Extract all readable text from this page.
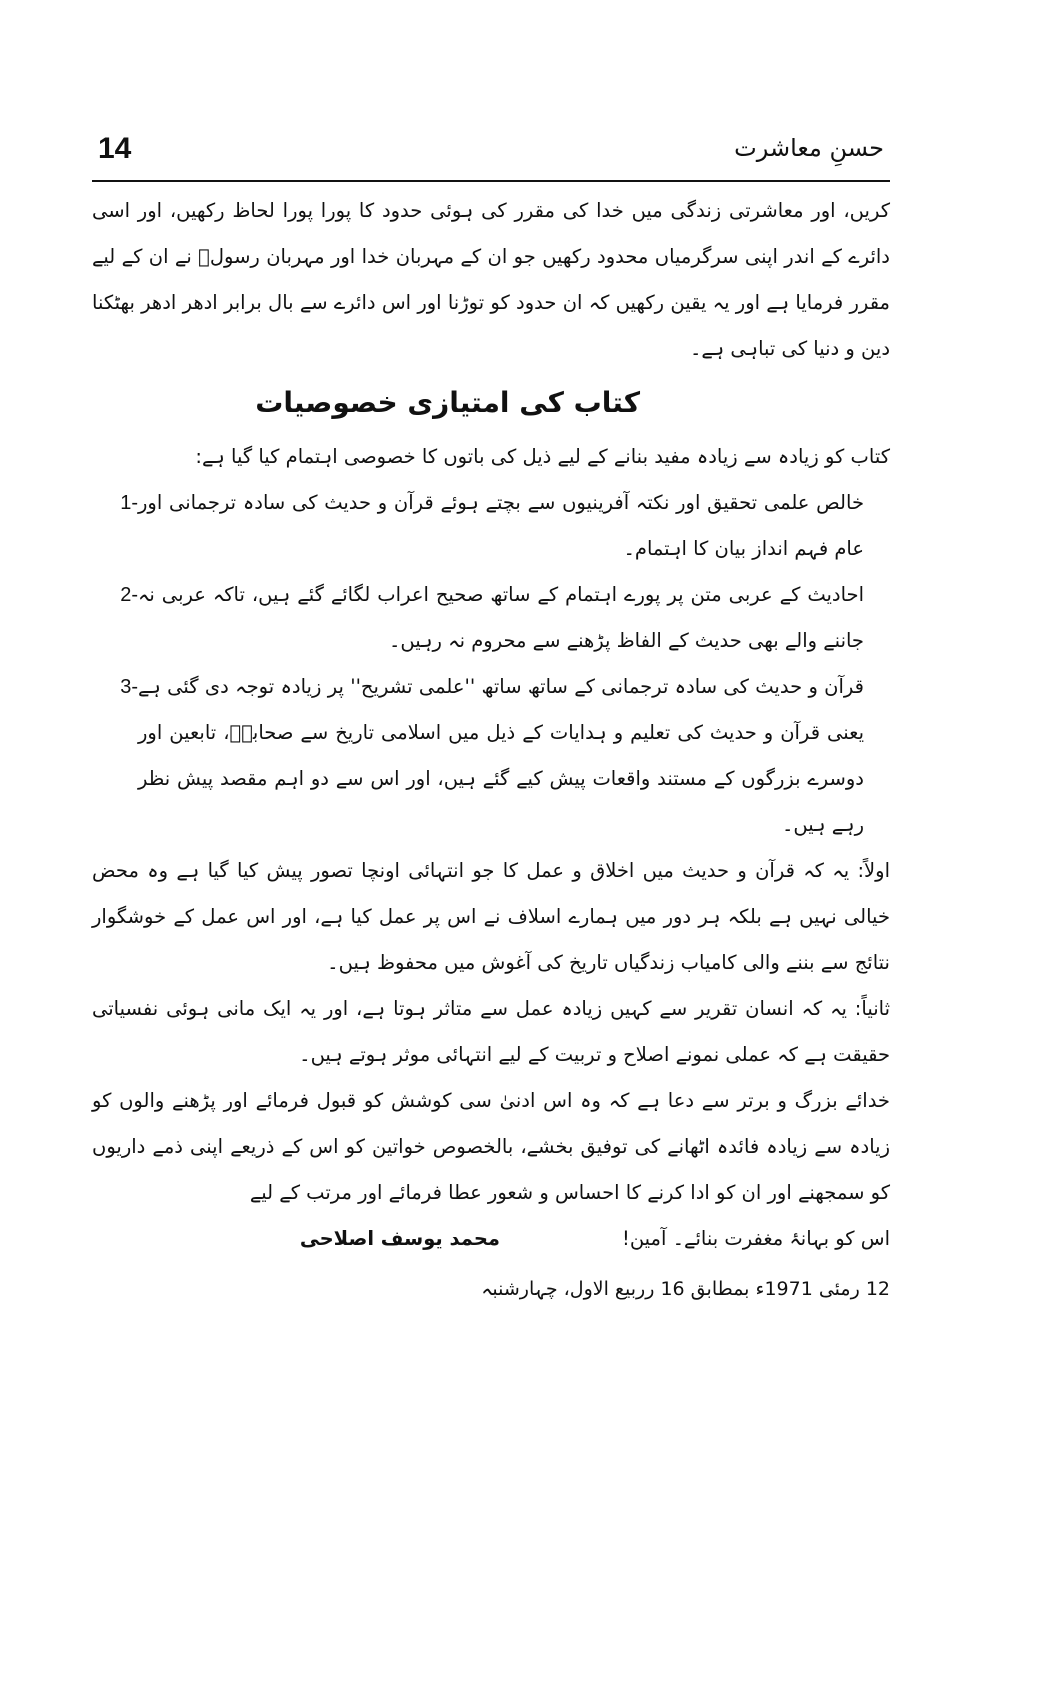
14	حسنِ معاشرت

کریں، اور معاشرتی زندگی میں خدا کی مقرر کی ہوئی حدود کا پورا پورا لحاظ رکھیں، اور اسی دائرے کے اندر اپنی سرگرمیاں محدود رکھیں جو ان کے مہربان خدا اور مہربان رسولؐ نے ان کے لیے مقرر فرمایا ہے اور یہ یقین رکھیں کہ ان حدود کو توڑنا اور اس دائرے سے بال برابر ادھر ادھر بھٹکنا دین و دنیا کی تباہی ہے۔

کتاب کی امتیازی خصوصیات

کتاب کو زیادہ سے زیادہ مفید بنانے کے لیے ذیل کی باتوں کا خصوصی اہتمام کیا گیا ہے:

خالص علمی تحقیق اور نکتہ آفرینیوں سے بچتے ہوئے قرآن و حدیث کی سادہ ترجمانی اور عام فہم انداز بیان کا اہتمام۔
1-
احادیث کے عربی متن پر پورے اہتمام کے ساتھ صحیح اعراب لگائے گئے ہیں، تاکہ عربی نہ جاننے والے بھی حدیث کے الفاظ پڑھنے سے محروم نہ رہیں۔
2-
قرآن و حدیث کی سادہ ترجمانی کے ساتھ ساتھ ''علمی تشریح'' پر زیادہ توجہ دی گئی ہے یعنی قرآن و حدیث کی تعلیم و ہدایات کے ذیل میں اسلامی تاریخ سے صحابہؓ، تابعین اور دوسرے بزرگوں کے مستند واقعات پیش کیے گئے ہیں، اور اس سے دو اہم مقصد پیش نظر رہے ہیں۔
3-

اولاً: یہ کہ قرآن و حدیث میں اخلاق و عمل کا جو انتہائی اونچا تصور پیش کیا گیا ہے وہ محض خیالی نہیں ہے بلکہ ہر دور میں ہمارے اسلاف نے اس پر عمل کیا ہے، اور اس عمل کے خوشگوار نتائج سے بننے والی کامیاب زندگیاں تاریخ کی آغوش میں محفوظ ہیں۔

ثانیاً: یہ کہ انسان تقریر سے کہیں زیادہ عمل سے متاثر ہوتا ہے، اور یہ ایک مانی ہوئی نفسیاتی حقیقت ہے کہ عملی نمونے اصلاح و تربیت کے لیے انتہائی موثر ہوتے ہیں۔

خدائے بزرگ و برتر سے دعا ہے کہ وہ اس ادنیٰ سی کوشش کو قبول فرمائے اور پڑھنے والوں کو زیادہ سے زیادہ فائدہ اٹھانے کی توفیق بخشے، بالخصوص خواتین کو اس کے ذریعے اپنی ذمے داریوں کو سمجھنے اور ان کو ادا کرنے کا احساس و شعور عطا فرمائے اور مرتب کے لیے

اس کو بہانۂ مغفرت بنائے۔ آمین!
محمد یوسف اصلاحی

12 رمئی 1971ء بمطابق 16 رربیع الاول، چہارشنبہ
